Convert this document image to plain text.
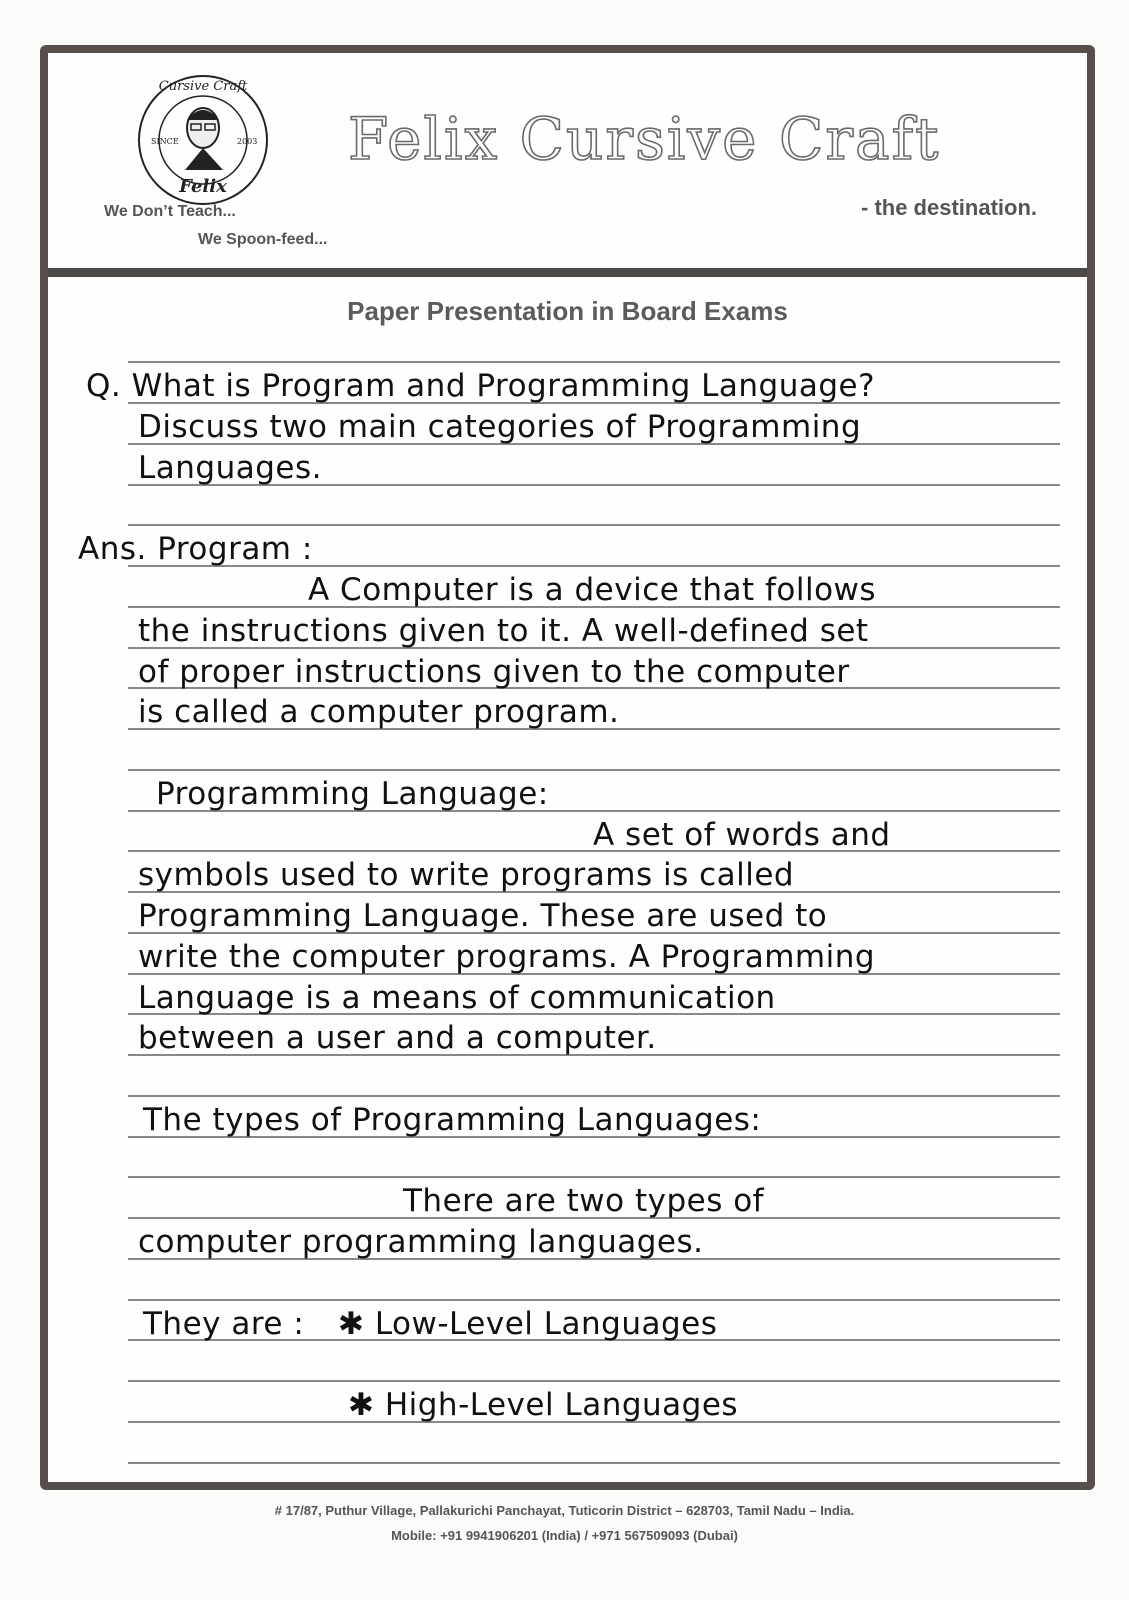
Cursive Craft
SINCE	2003
Felix
We Don’t Teach...
We Spoon-feed...
Felix Cursive Craft
- the destination.
Paper Presentation in Board Exams
Q. What is Program and Programming Language?
Discuss two main categories of Programming
Languages.
Ans. Program :
A Computer is a device that follows
the instructions given to it. A well-defined set
of proper instructions given to the computer
is called a computer program.
Programming Language:
A set of words and
symbols used to write programs is called
Programming Language. These are used to
write the computer programs. A Programming
Language is a means of communication
between a user and a computer.
The types of Programming Languages:
There are two types of
computer programming languages.
They are : ✱ Low-Level Languages
✱ High-Level Languages
# 17/87, Puthur Village, Pallakurichi Panchayat, Tuticorin District – 628703, Tamil Nadu – India.
Mobile: +91 9941906201 (India) / +971 567509093 (Dubai)
